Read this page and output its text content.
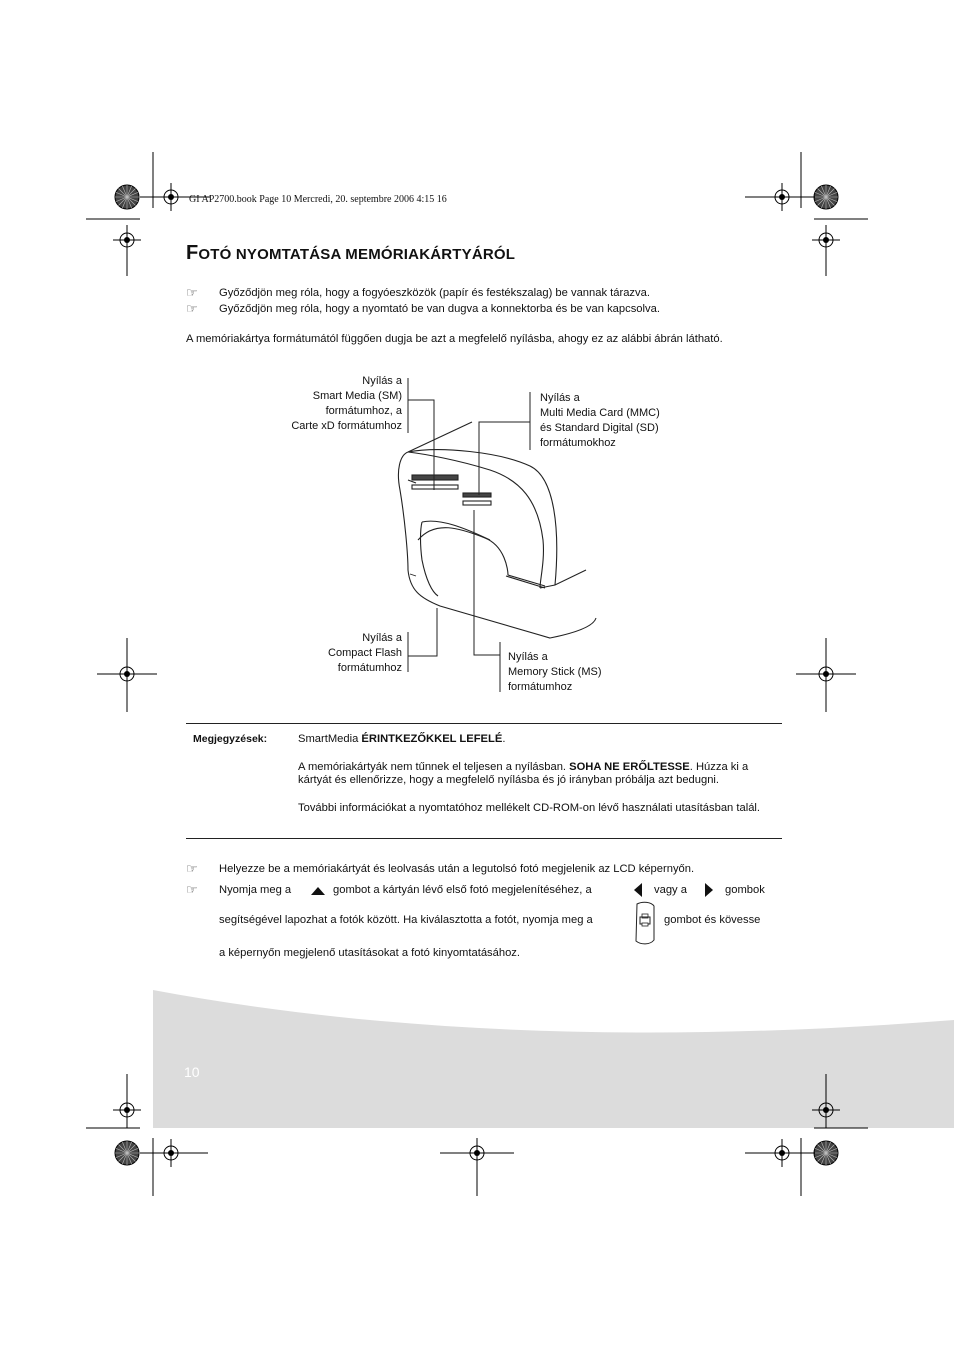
GI AP2700.book Page 10 Mercredi, 20. septembre 2006 4:15 16
FOTÓ NYOMTATÁSA MEMÓRIAKÁRTYÁRÓL
☞ Győződjön meg róla, hogy a fogyóeszközök (papír és festékszalag) be vannak tárazva.
☞ Győződjön meg róla, hogy a nyomtató be van dugva a konnektorba és be van kapcsolva.
A memóriakártya formátumától függően dugja be azt a megfelelő nyílásba, ahogy ez az alábbi ábrán látható.
Nyílás a
Smart Media (SM)
formátumhoz, a
Carte xD formátumhoz
Nyílás a
Multi Media Card (MMC)
és Standard Digital (SD)
formátumokhoz
Nyílás a
Compact Flash
formátumhoz
Nyílás a
Memory Stick (MS)
formátumhoz
Megjegyzések:	SmartMedia ÉRINTKEZŐKKEL LEFELÉ.
A memóriakártyák nem tűnnek el teljesen a nyílásban. SOHA NE ERŐLTESSE. Húzza ki a kártyát és ellenőrizze, hogy a megfelelő nyílásba és jó irányban próbálja azt bedugni.
További információkat a nyomtatóhoz mellékelt CD-ROM-on lévő használati utasításban talál.
☞ Helyezze be a memóriakártyát és leolvasás után a legutolsó fotó megjelenik az LCD képernyőn.
☞ Nyomja meg a	gombot a kártyán lévő első fotó megjelenítéséhez, a	vagy a	gombok
segítségével lapozhat a fotók között. Ha kiválasztotta a fotót, nyomja meg a	gombot és kövesse
a képernyőn megjelenő utasításokat a fotó kinyomtatásához.
10
